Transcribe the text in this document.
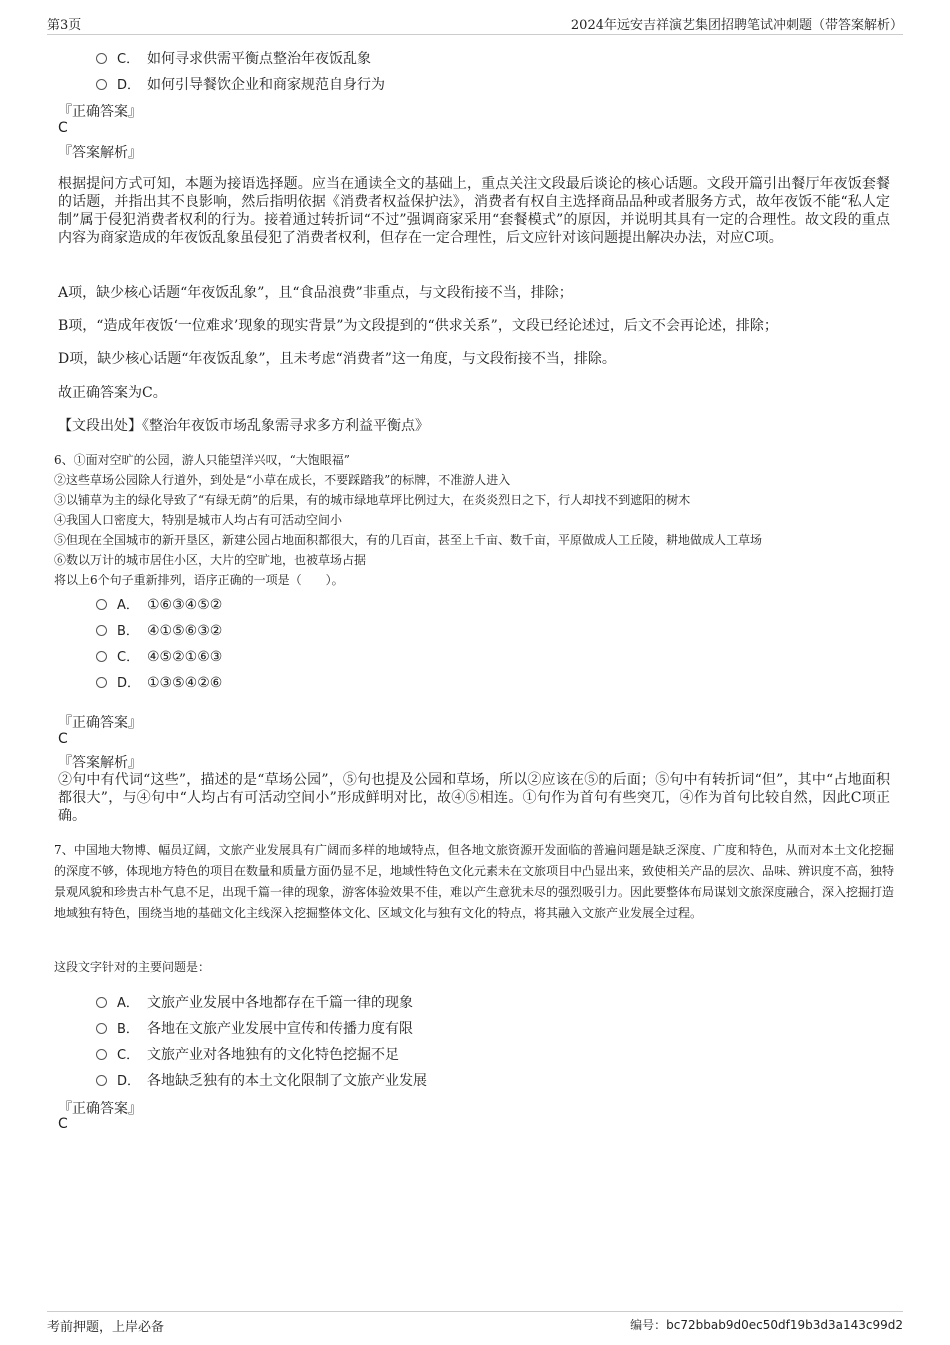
第3页	2024年远安吉祥演艺集团招聘笔试冲刺题（带答案解析）
C． 如何寻求供需平衡点整治年夜饭乱象
D． 如何引导餐饮企业和商家规范自身行为
『正确答案』
C
『答案解析』
根据提问方式可知，本题为接语选择题。应当在通读全文的基础上，重点关注文段最后谈论的核心话题。文段开篇引出餐厅年夜饭套餐的话题，并指出其不良影响，然后指明依据《消费者权益保护法》，消费者有权自主选择商品品种或者服务方式，故年夜饭不能“私人定制”属于侵犯消费者权利的行为。接着通过转折词“不过”强调商家采用“套餐模式”的原因，并说明其具有一定的合理性。故文段的重点内容为商家造成的年夜饭乱象虽侵犯了消费者权利，但存在一定合理性，后文应针对该问题提出解决办法，对应C项。
A项，缺少核心话题“年夜饭乱象”，且“食品浪费”非重点，与文段衔接不当，排除；
B项，“造成年夜饭‘一位难求’现象的现实背景”为文段提到的“供求关系”，文段已经论述过，后文不会再论述，排除；
D项，缺少核心话题“年夜饭乱象”，且未考虑“消费者”这一角度，与文段衔接不当，排除。
故正确答案为C。
【文段出处】《整治年夜饭市场乱象需寻求多方利益平衡点》
6、①面对空旷的公园，游人只能望洋兴叹，“大饱眼福”
②这些草场公园除人行道外，到处是“小草在成长，不要踩踏我”的标牌，不准游人进入
③以铺草为主的绿化导致了“有绿无荫”的后果，有的城市绿地草坪比例过大，在炎炎烈日之下，行人却找不到遮阳的树木
④我国人口密度大，特别是城市人均占有可活动空间小
⑤但现在全国城市的新开垦区，新建公园占地面积都很大，有的几百亩，甚至上千亩、数千亩，平原做成人工丘陵，耕地做成人工草场
⑥数以万计的城市居住小区，大片的空旷地，也被草场占据
将以上6个句子重新排列，语序正确的一项是（　　）。
A． ①⑥③④⑤②
B． ④①⑤⑥③②
C． ④⑤②①⑥③
D． ①③⑤④②⑥
『正确答案』
C
『答案解析』
②句中有代词“这些”，描述的是“草场公园”，⑤句也提及公园和草场，所以②应该在⑤的后面；⑤句中有转折词“但”，其中“占地面积都很大”，与④句中“人均占有可活动空间小”形成鲜明对比，故④⑤相连。①句作为首句有些突兀，④作为首句比较自然，因此C项正确。
7、中国地大物博、幅员辽阔，文旅产业发展具有广阔而多样的地域特点，但各地文旅资源开发面临的普遍问题是缺乏深度、广度和特色，从而对本土文化挖掘的深度不够，体现地方特色的项目在数量和质量方面仍显不足，地域性特色文化元素未在文旅项目中凸显出来，致使相关产品的层次、品味、辨识度不高，独特景观风貌和珍贵古朴气息不足，出现千篇一律的现象，游客体验效果不佳，难以产生意犹未尽的强烈吸引力。因此要整体布局谋划文旅深度融合，深入挖掘打造地域独有特色，围绕当地的基础文化主线深入挖掘整体文化、区域文化与独有文化的特点，将其融入文旅产业发展全过程。
这段文字针对的主要问题是：
A． 文旅产业发展中各地都存在千篇一律的现象
B． 各地在文旅产业发展中宣传和传播力度有限
C． 文旅产业对各地独有的文化特色挖掘不足
D． 各地缺乏独有的本土文化限制了文旅产业发展
『正确答案』
C
考前押题，上岸必备	编号：bc72bbab9d0ec50df19b3d3a143c99d2
